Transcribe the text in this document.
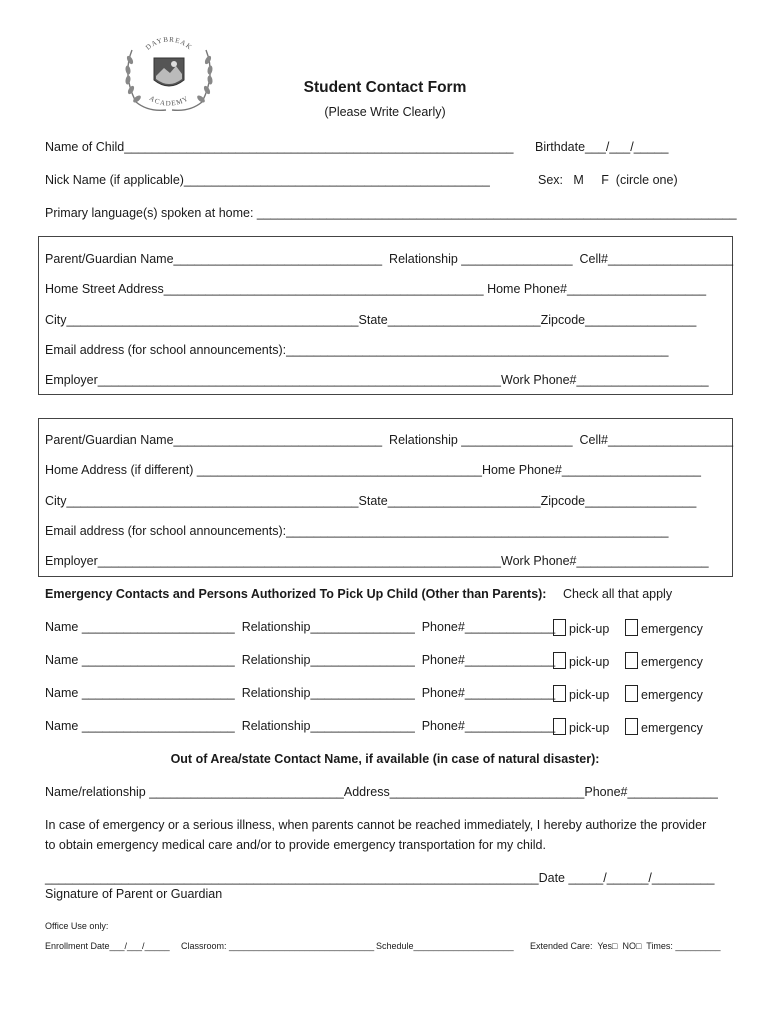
DAYBREAK
ACADEMY
Student Contact Form
(Please Write Clearly)
Name of Child________________________________________________________ Birthdate___/___/_____
Nick Name (if applicable)____________________________________________	Sex:   M     F  (circle one)
Primary language(s) spoken at home: _____________________________________________________________________
Parent/Guardian Name______________________________  Relationship ________________  Cell#__________________
Home Street Address______________________________________________ Home Phone#____________________
City__________________________________________State______________________Zipcode________________
Email address (for school announcements):_______________________________________________________
Employer__________________________________________________________Work Phone#___________________
Parent/Guardian Name______________________________  Relationship ________________  Cell#__________________
Home Address (if different) _________________________________________Home Phone#____________________
City__________________________________________State______________________Zipcode________________
Email address (for school announcements):_______________________________________________________
Employer__________________________________________________________Work Phone#___________________
Emergency Contacts and Persons Authorized To Pick Up Child (Other than Parents): Check all that apply
Name ______________________  Relationship_______________  Phone#_____________	pick-up	emergency
Name ______________________  Relationship_______________  Phone#_____________	pick-up	emergency
Name ______________________  Relationship_______________  Phone#_____________	pick-up	emergency
Name ______________________  Relationship_______________  Phone#_____________	pick-up	emergency
Out of Area/state Contact Name, if available (in case of natural disaster):
Name/relationship ____________________________Address____________________________Phone#_____________
In case of emergency or a serious illness, when parents cannot be reached immediately, I hereby authorize the provider
to obtain emergency medical care and/or to provide emergency transportation for my child.
_______________________________________________________________________Date _____/______/_________
Signature of Parent or Guardian
Office Use only:
Enrollment Date___/___/_____ Classroom: _____________________________ Schedule____________________ Extended Care:  Yes□  NO□  Times: _________
